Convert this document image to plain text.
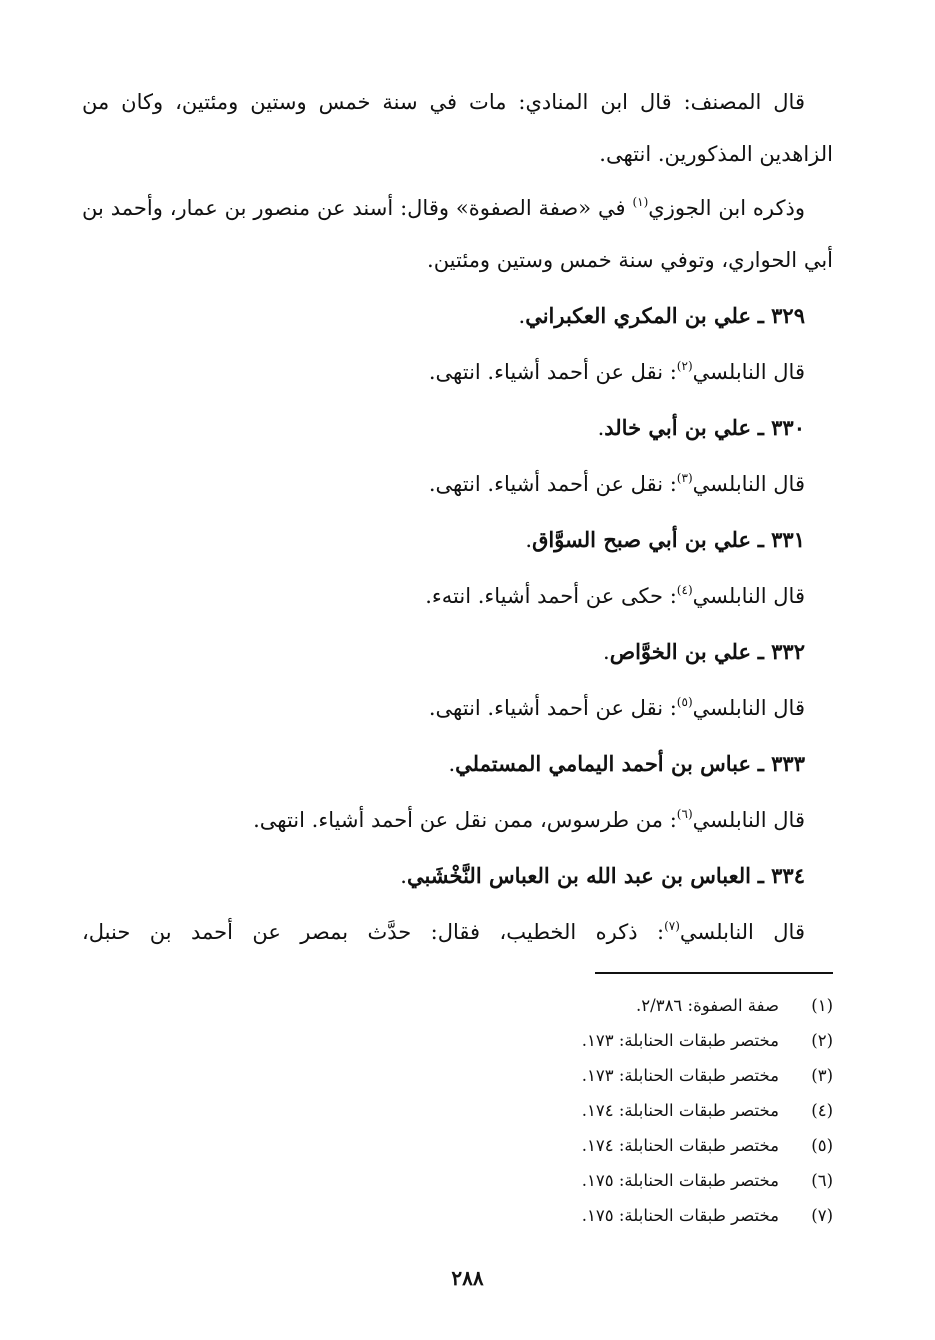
قال المصنف: قال ابن المنادي: مات في سنة خمس وستين ومئتين، وكان من الزاهدين المذكورين. انتهى.

وذكره ابن الجوزي$^{(١)}$ في «صفة الصفوة» وقال: أسند عن منصور بن عمار، وأحمد بن أبي الحواري، وتوفي سنة خمس وستين ومئتين.

٣٢٩ ـ علي بن المكري العكبراني.
قال النابلسي$^{(٢)}$: نقل عن أحمد أشياء. انتهى.
٣٣٠ ـ علي بن أبي خالد.
قال النابلسي$^{(٣)}$: نقل عن أحمد أشياء. انتهى.
٣٣١ ـ علي بن أبي صبح السوَّاق.
قال النابلسي$^{(٤)}$: حكى عن أحمد أشياء. انتهء.
٣٣٢ ـ علي بن الخوَّاص.
قال النابلسي$^{(٥)}$: نقل عن أحمد أشياء. انتهى.
٣٣٣ ـ عباس بن أحمد اليمامي المستملي.
قال النابلسي$^{(٦)}$: من طرسوس، ممن نقل عن أحمد أشياء. انتهى.
٣٣٤ ـ العباس بن عبد الله بن العباس النَّخْشَبي.
قال النابلسي$^{(٧)}$: ذكره الخطيب، فقال: حدَّث بمصر عن أحمد بن حنبل،
(١)
صفة الصفوة: ٢/٣٨٦.
(٢)
مختصر طبقات الحنابلة: ١٧٣.
(٣)
مختصر طبقات الحنابلة: ١٧٣.
(٤)
مختصر طبقات الحنابلة: ١٧٤.
(٥)
مختصر طبقات الحنابلة: ١٧٤.
(٦)
مختصر طبقات الحنابلة: ١٧٥.
(٧)
مختصر طبقات الحنابلة: ١٧٥.
٢٨٨
